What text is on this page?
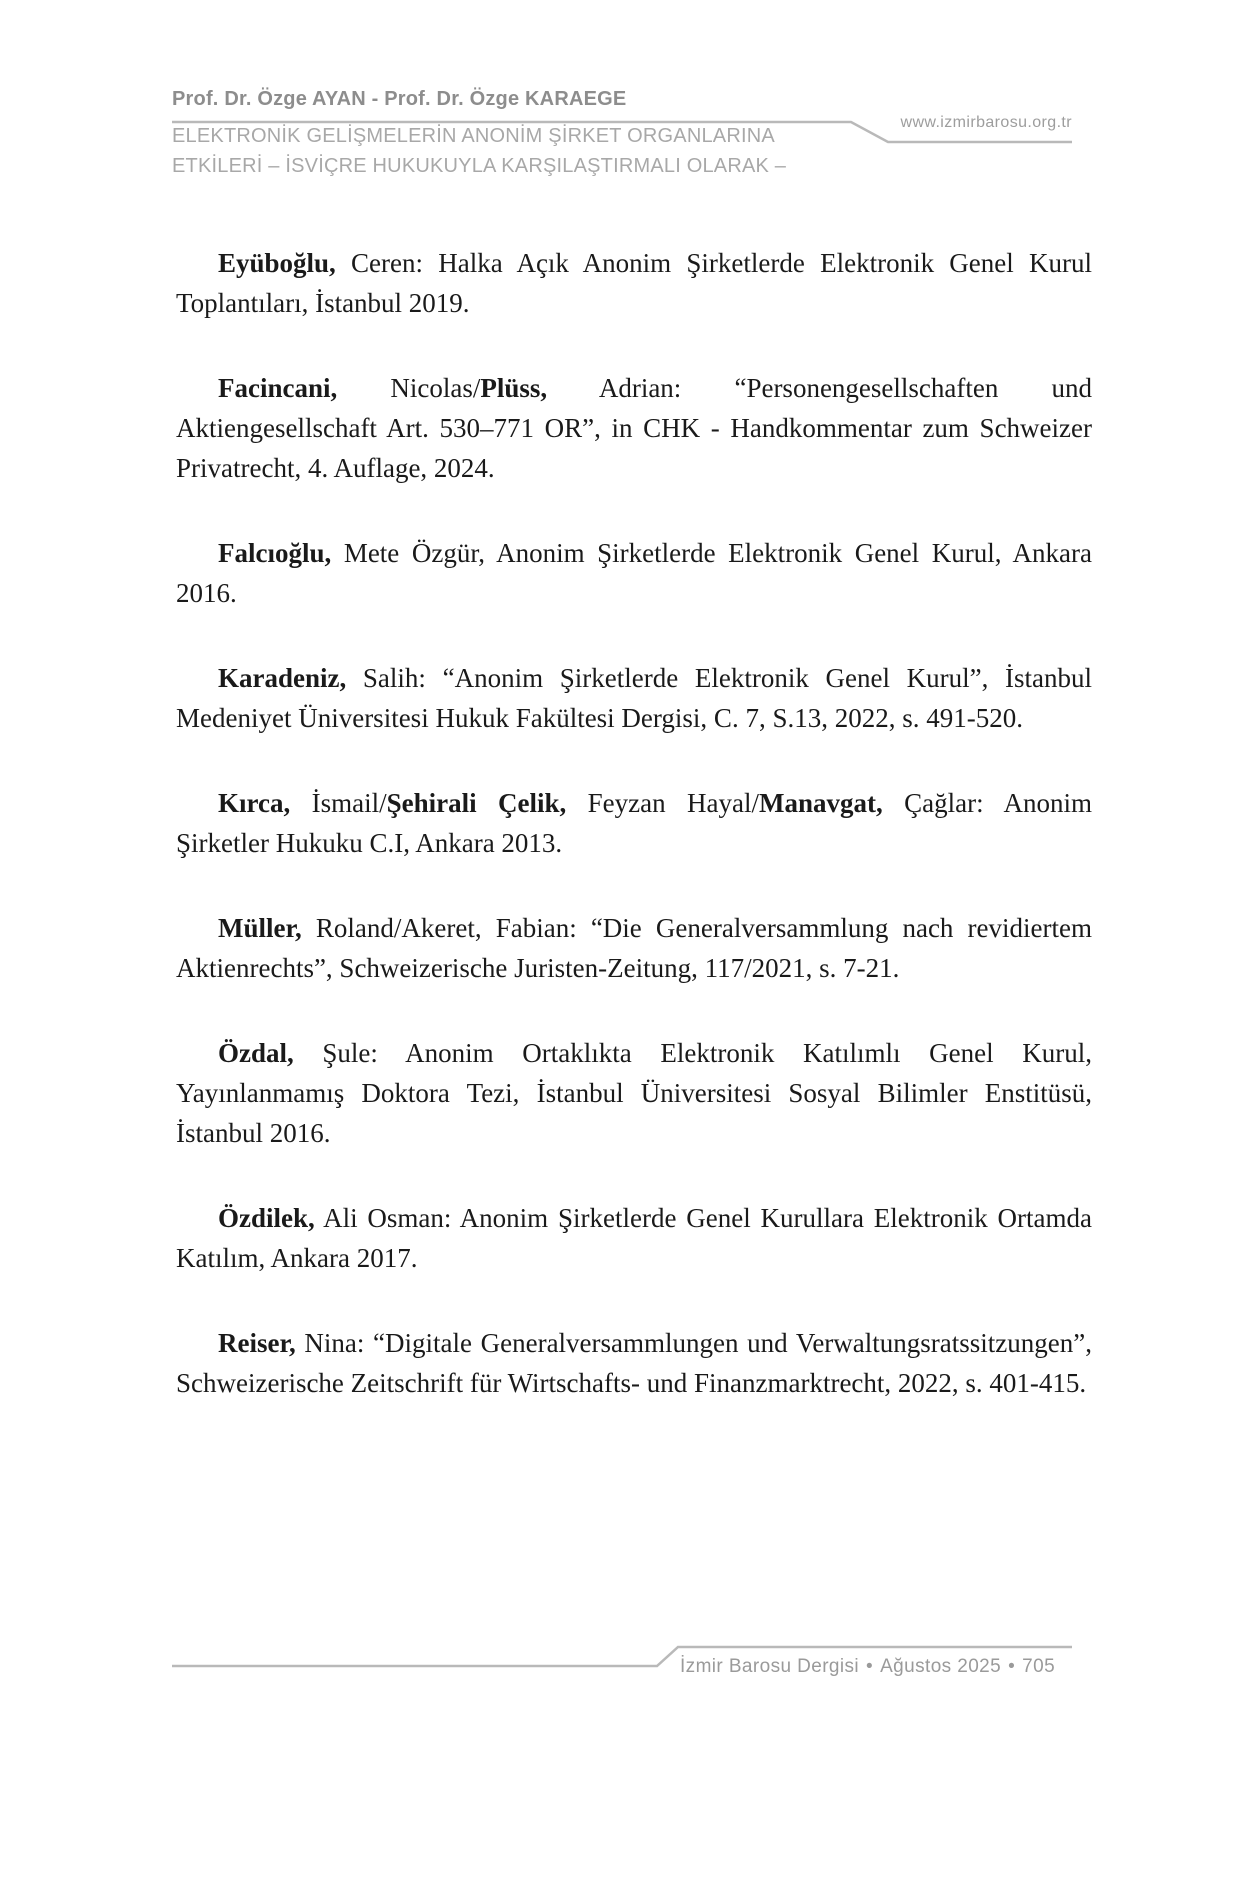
Prof. Dr. Özge AYAN - Prof. Dr. Özge KARAEGE
www.izmirbarosu.org.tr
ELEKTRONİK GELİŞMELERİN ANONİM ŞİRKET ORGANLARINA
ETKİLERİ – İSVİÇRE HUKUKUYLA KARŞILAŞTIRMALI OLARAK –

Eyüboğlu, Ceren: Halka Açık Anonim Şirketlerde Elektronik Genel Kurul Toplantıları, İstanbul 2019.

Facincani, Nicolas/Plüss, Adrian: “Personengesellschaften und Aktiengesellschaft Art. 530–771 OR”, in CHK - Handkommentar zum Schweizer Privatrecht, 4. Auflage, 2024.

Falcıoğlu, Mete Özgür, Anonim Şirketlerde Elektronik Genel Kurul, Ankara 2016.

Karadeniz, Salih: “Anonim Şirketlerde Elektronik Genel Kurul”, İstanbul Medeniyet Üniversitesi Hukuk Fakültesi Dergisi, C. 7, S.13, 2022, s. 491-520.

Kırca, İsmail/Şehirali Çelik, Feyzan Hayal/Manavgat, Çağlar: Anonim Şirketler Hukuku C.I, Ankara 2013.

Müller, Roland/Akeret, Fabian: “Die Generalversammlung nach revidiertem Aktienrechts”, Schweizerische Juristen-Zeitung, 117/2021, s. 7-21.

Özdal, Şule: Anonim Ortaklıkta Elektronik Katılımlı Genel Kurul, Yayınlanmamış Doktora Tezi, İstanbul Üniversitesi Sosyal Bilimler Enstitüsü, İstanbul 2016.

Özdilek, Ali Osman: Anonim Şirketlerde Genel Kurullara Elektronik Ortamda Katılım, Ankara 2017.

Reiser, Nina: “Digitale Generalversammlungen und Verwaltungsratssitzungen”, Schweizerische Zeitschrift für Wirtschafts- und Finanzmarktrecht, 2022, s. 401-415.

İzmir Barosu Dergisi • Ağustos 2025 • 705
